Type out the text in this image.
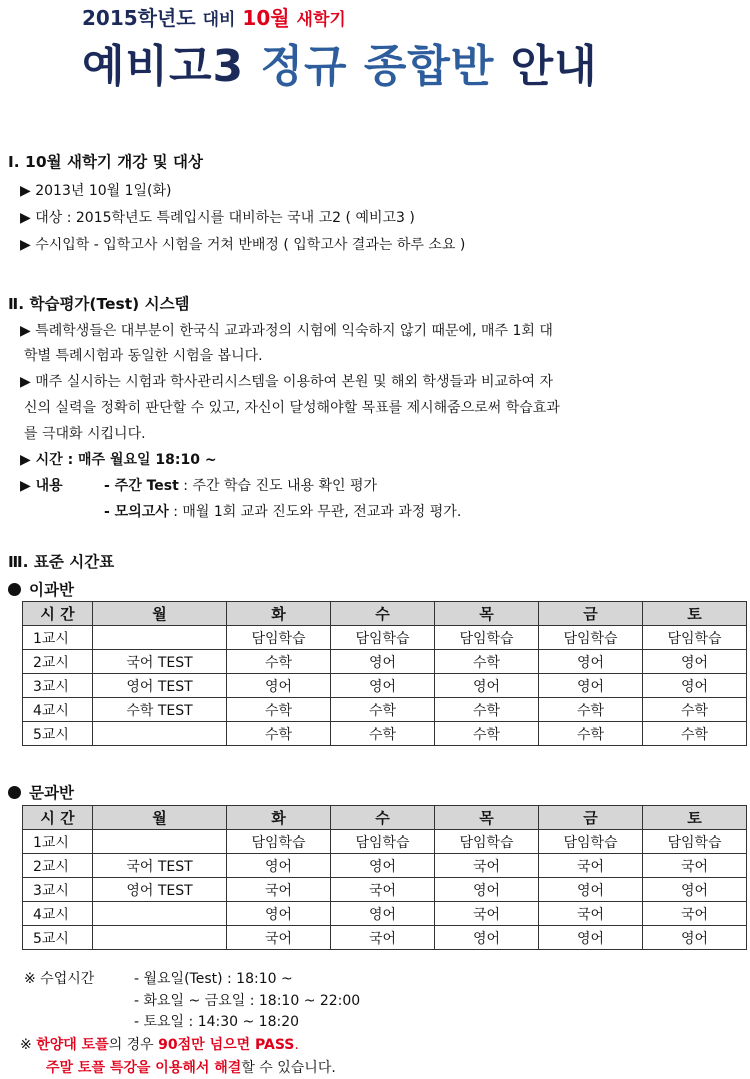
2015학년도 대비 10월 새학기
예비고3 정규 종합반 안내
Ⅰ. 10월 새학기 개강 및 대상
▶ 2013년 10월 1일(화)
▶ 대상 : 2015학년도 특례입시를 대비하는 국내 고2 ( 예비고3 )
▶ 수시입학 - 입학고사 시험을 거쳐 반배정 ( 입학고사 결과는 하루 소요 )
Ⅱ. 학습평가(Test) 시스템
▶ 특례학생들은 대부분이 한국식 교과과정의 시험에 익숙하지 않기 때문에, 매주 1회 대
학별 특례시험과 동일한 시험을 봅니다.
▶ 매주 실시하는 시험과 학사관리시스템을 이용하여 본원 및 해외 학생들과 비교하여 자
신의 실력을 정확히 판단할 수 있고, 자신이 달성해야할 목표를 제시해줌으로써 학습효과
를 극대화 시킵니다.
▶ 시간 : 매주 월요일 18:10 ~
▶ 내용	- 주간 Test : 주간 학습 진도 내용 확인 평가
- 모의고사 : 매월 1회 교과 진도와 무관, 전교과 과정 평가.
Ⅲ. 표준 시간표
이과반
시 간	월	화	수	목	금	토
1교시		담임학습	담임학습	담임학습	담임학습	담임학습
2교시	국어 TEST	수학	영어	수학	영어	영어
3교시	영어 TEST	영어	영어	영어	영어	영어
4교시	수학 TEST	수학	수학	수학	수학	수학
5교시		수학	수학	수학	수학	수학
문과반
시 간	월	화	수	목	금	토
1교시		담임학습	담임학습	담임학습	담임학습	담임학습
2교시	국어 TEST	영어	영어	국어	국어	국어
3교시	영어 TEST	국어	국어	영어	영어	영어
4교시		영어	영어	국어	국어	국어
5교시		국어	국어	영어	영어	영어
※ 수업시간	- 월요일(Test) : 18:10 ~
- 화요일 ~ 금요일 : 18:10 ~ 22:00
- 토요일 : 14:30 ~ 18:20
※ 한양대 토플의 경우 90점만 넘으면 PASS.
주말 토플 특강을 이용해서 해결할 수 있습니다.
